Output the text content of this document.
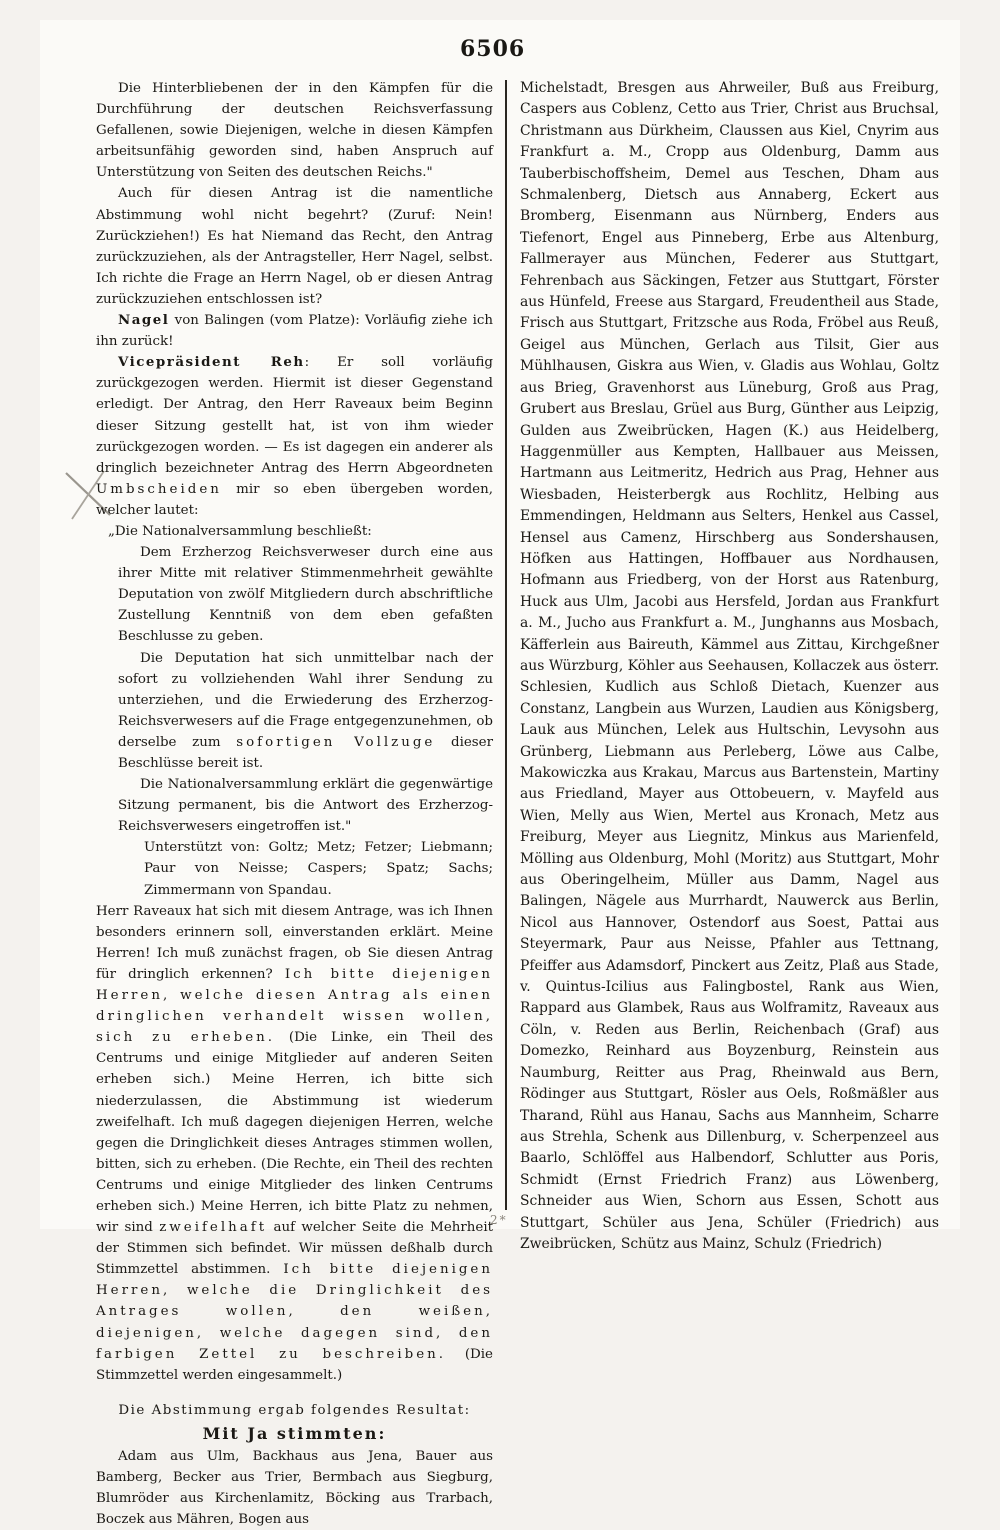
6506

Die Hinterbliebenen der in den Kämpfen für die Durchführung der deutschen Reichsverfassung Gefallenen, sowie Diejenigen, welche in diesen Kämpfen arbeitsunfähig geworden sind, haben Anspruch auf Unterstützung von Seiten des deutschen Reichs."

Auch für diesen Antrag ist die namentliche Abstimmung wohl nicht begehrt? (Zuruf: Nein! Zurückziehen!) Es hat Niemand das Recht, den Antrag zurückzuziehen, als der Antragsteller, Herr Nagel, selbst. Ich richte die Frage an Herrn Nagel, ob er diesen Antrag zurückzuziehen entschlossen ist?

Nagel von Balingen (vom Platze): Vorläufig ziehe ich ihn zurück!

Vicepräsident Reh: Er soll vorläufig zurückgezogen werden. Hiermit ist dieser Gegenstand erledigt. Der Antrag, den Herr Raveaux beim Beginn dieser Sitzung gestellt hat, ist von ihm wieder zurückgezogen worden. — Es ist dagegen ein anderer als dringlich bezeichneter Antrag des Herrn Abgeordneten Umbscheiden mir so eben übergeben worden, welcher lautet:

„Die Nationalversammlung beschließt:

Dem Erzherzog Reichsverweser durch eine aus ihrer Mitte mit relativer Stimmenmehrheit gewählte Deputation von zwölf Mitgliedern durch abschriftliche Zustellung Kenntniß von dem eben gefaßten Beschlusse zu geben.

Die Deputation hat sich unmittelbar nach der sofort zu vollziehenden Wahl ihrer Sendung zu unterziehen, und die Erwiederung des Erzherzog-Reichsverwesers auf die Frage entgegenzunehmen, ob derselbe zum sofortigen Vollzuge dieser Beschlüsse bereit ist.

Die Nationalversammlung erklärt die gegenwärtige Sitzung permanent, bis die Antwort des Erzherzog-Reichsverwesers eingetroffen ist."

Unterstützt von: Goltz; Metz; Fetzer; Liebmann; Paur von Neisse; Caspers; Spatz; Sachs; Zimmermann von Spandau.

Herr Raveaux hat sich mit diesem Antrage, was ich Ihnen besonders erinnern soll, einverstanden erklärt. Meine Herren! Ich muß zunächst fragen, ob Sie diesen Antrag für dringlich erkennen? Ich bitte diejenigen Herren, welche diesen Antrag als einen dringlichen verhandelt wissen wollen, sich zu erheben. (Die Linke, ein Theil des Centrums und einige Mitglieder auf anderen Seiten erheben sich.) Meine Herren, ich bitte sich niederzulassen, die Abstimmung ist wiederum zweifelhaft. Ich muß dagegen diejenigen Herren, welche gegen die Dringlichkeit dieses Antrages stimmen wollen, bitten, sich zu erheben. (Die Rechte, ein Theil des rechten Centrums und einige Mitglieder des linken Centrums erheben sich.) Meine Herren, ich bitte Platz zu nehmen, wir sind zweifelhaft auf welcher Seite die Mehrheit der Stimmen sich befindet. Wir müssen deßhalb durch Stimmzettel abstimmen. Ich bitte diejenigen Herren, welche die Dringlichkeit des Antrages wollen, den weißen, diejenigen, welche dagegen sind, den farbigen Zettel zu beschreiben. (Die Stimmzettel werden eingesammelt.)

Die Abstimmung ergab folgendes Resultat:

Mit Ja stimmten:

Adam aus Ulm, Backhaus aus Jena, Bauer aus Bamberg, Becker aus Trier, Bermbach aus Siegburg, Blumröder aus Kirchenlamitz, Böcking aus Trarbach, Boczek aus Mähren, Bogen aus

Michelstadt, Bresgen aus Ahrweiler, Buß aus Freiburg, Caspers aus Coblenz, Cetto aus Trier, Christ aus Bruchsal, Christmann aus Dürkheim, Claussen aus Kiel, Cnyrim aus Frankfurt a. M., Cropp aus Oldenburg, Damm aus Tauberbischoffsheim, Demel aus Teschen, Dham aus Schmalenberg, Dietsch aus Annaberg, Eckert aus Bromberg, Eisenmann aus Nürnberg, Enders aus Tiefenort, Engel aus Pinneberg, Erbe aus Altenburg, Fallmerayer aus München, Federer aus Stuttgart, Fehrenbach aus Säckingen, Fetzer aus Stuttgart, Förster aus Hünfeld, Freese aus Stargard, Freudentheil aus Stade, Frisch aus Stuttgart, Fritzsche aus Roda, Fröbel aus Reuß, Geigel aus München, Gerlach aus Tilsit, Gier aus Mühlhausen, Giskra aus Wien, v. Gladis aus Wohlau, Goltz aus Brieg, Gravenhorst aus Lüneburg, Groß aus Prag, Grubert aus Breslau, Grüel aus Burg, Günther aus Leipzig, Gulden aus Zweibrücken, Hagen (K.) aus Heidelberg, Haggenmüller aus Kempten, Hallbauer aus Meissen, Hartmann aus Leitmeritz, Hedrich aus Prag, Hehner aus Wiesbaden, Heisterbergk aus Rochlitz, Helbing aus Emmendingen, Heldmann aus Selters, Henkel aus Cassel, Hensel aus Camenz, Hirschberg aus Sondershausen, Höfken aus Hattingen, Hoffbauer aus Nordhausen, Hofmann aus Friedberg, von der Horst aus Ratenburg, Huck aus Ulm, Jacobi aus Hersfeld, Jordan aus Frankfurt a. M., Jucho aus Frankfurt a. M., Junghanns aus Mosbach, Käfferlein aus Baireuth, Kämmel aus Zittau, Kirchgeßner aus Würzburg, Köhler aus Seehausen, Kollaczek aus österr. Schlesien, Kudlich aus Schloß Dietach, Kuenzer aus Constanz, Langbein aus Wurzen, Laudien aus Königsberg, Lauk aus München, Lelek aus Hultschin, Levysohn aus Grünberg, Liebmann aus Perleberg, Löwe aus Calbe, Makowiczka aus Krakau, Marcus aus Bartenstein, Martiny aus Friedland, Mayer aus Ottobeuern, v. Mayfeld aus Wien, Melly aus Wien, Mertel aus Kronach, Metz aus Freiburg, Meyer aus Liegnitz, Minkus aus Marienfeld, Mölling aus Oldenburg, Mohl (Moritz) aus Stuttgart, Mohr aus Oberingelheim, Müller aus Damm, Nagel aus Balingen, Nägele aus Murrhardt, Nauwerck aus Berlin, Nicol aus Hannover, Ostendorf aus Soest, Pattai aus Steyermark, Paur aus Neisse, Pfahler aus Tettnang, Pfeiffer aus Adamsdorf, Pinckert aus Zeitz, Plaß aus Stade, v. Quintus-Icilius aus Falingbostel, Rank aus Wien, Rappard aus Glambek, Raus aus Wolframitz, Raveaux aus Cöln, v. Reden aus Berlin, Reichenbach (Graf) aus Domezko, Reinhard aus Boyzenburg, Reinstein aus Naumburg, Reitter aus Prag, Rheinwald aus Bern, Rödinger aus Stuttgart, Rösler aus Oels, Roßmäßler aus Tharand, Rühl aus Hanau, Sachs aus Mannheim, Scharre aus Strehla, Schenk aus Dillenburg, v. Scherpenzeel aus Baarlo, Schlöffel aus Halbendorf, Schlutter aus Poris, Schmidt (Ernst Friedrich Franz) aus Löwenberg, Schneider aus Wien, Schorn aus Essen, Schott aus Stuttgart, Schüler aus Jena, Schüler (Friedrich) aus Zweibrücken, Schütz aus Mainz, Schulz (Friedrich)

2*
